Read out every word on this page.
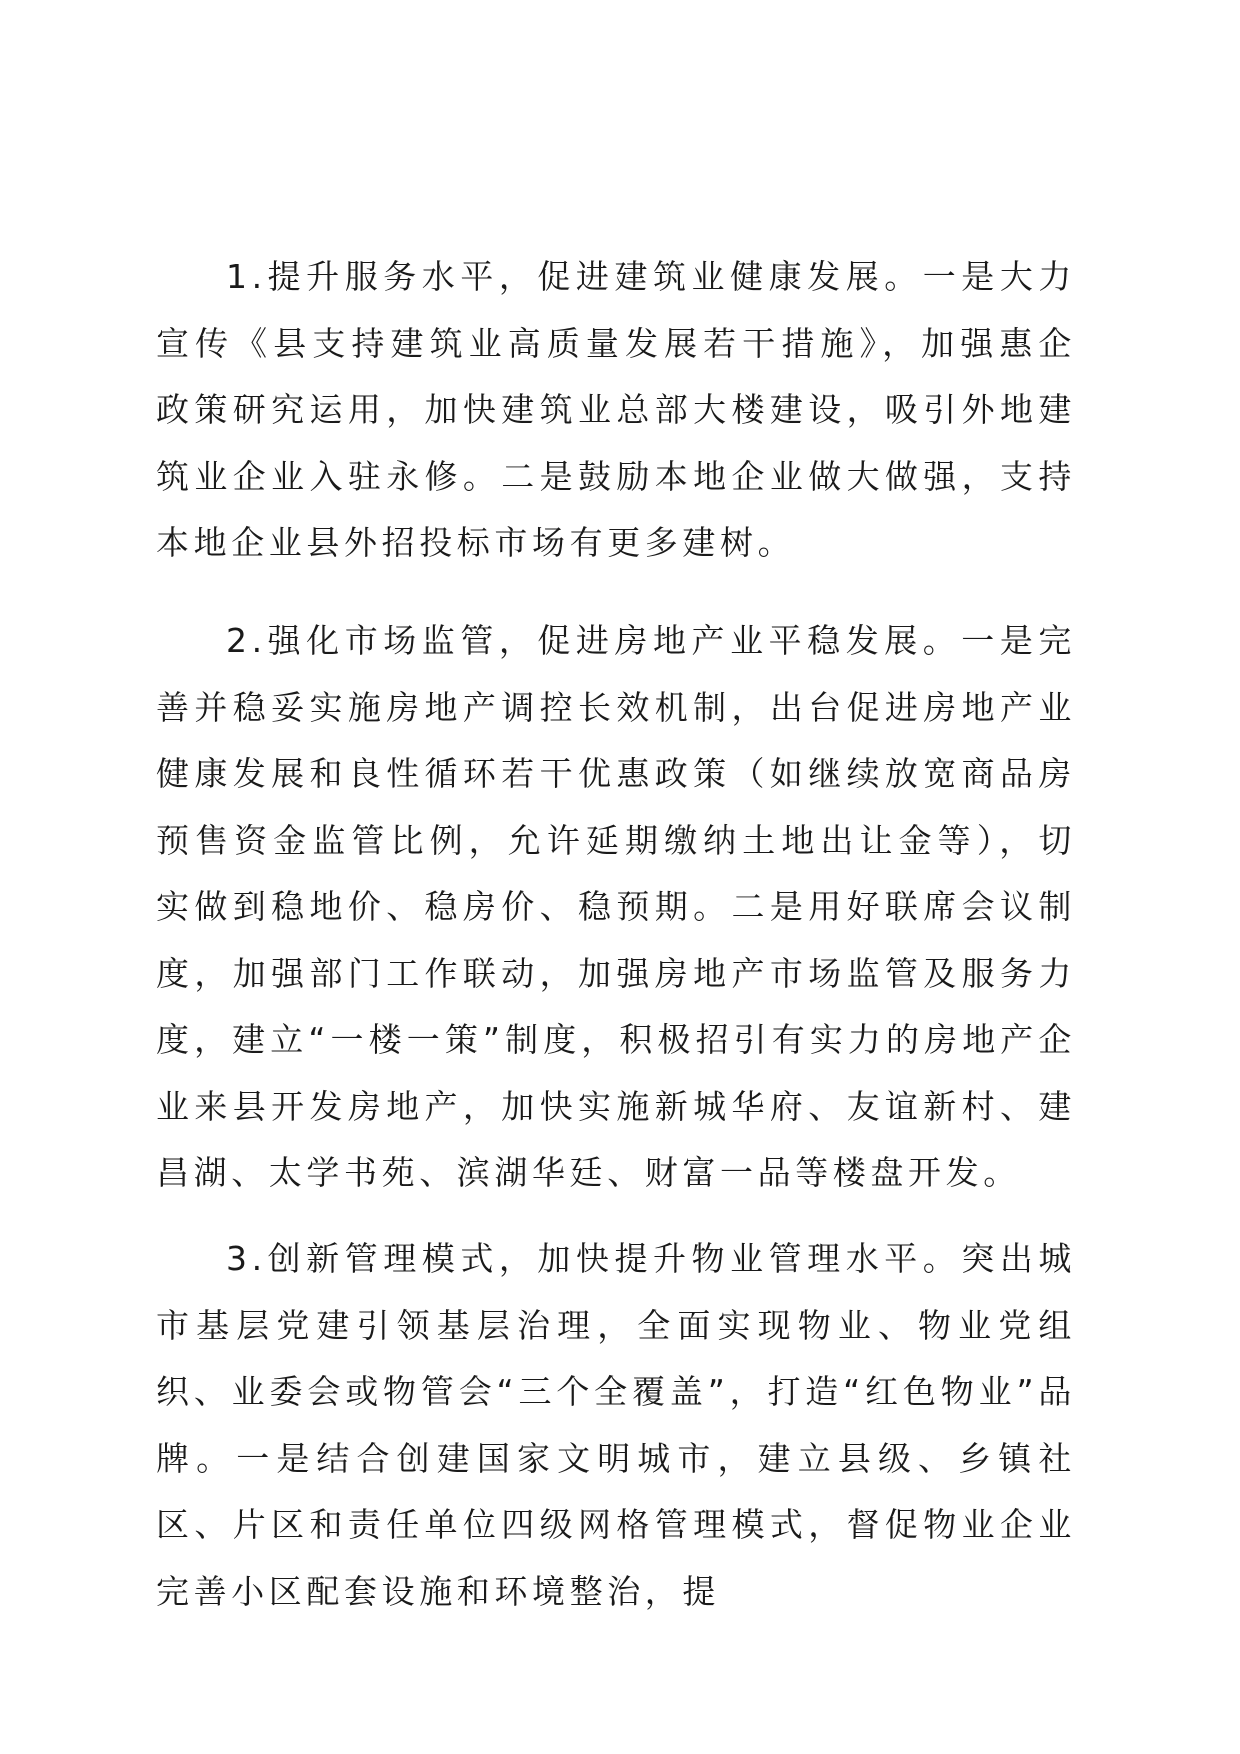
1.提升服务水平，促进建筑业健康发展。一是大力宣传《县支持建筑业高质量发展若干措施》，加强惠企政策研究运用，加快建筑业总部大楼建设，吸引外地建筑业企业入驻永修。二是鼓励本地企业做大做强，支持本地企业县外招投标市场有更多建树。

2.强化市场监管，促进房地产业平稳发展。一是完善并稳妥实施房地产调控长效机制，出台促进房地产业健康发展和良性循环若干优惠政策（如继续放宽商品房预售资金监管比例，允许延期缴纳土地出让金等），切实做到稳地价、稳房价、稳预期。二是用好联席会议制度，加强部门工作联动，加强房地产市场监管及服务力度，建立“一楼一策”制度，积极招引有实力的房地产企业来县开发房地产，加快实施新城华府、友谊新村、建昌湖、太学书苑、滨湖华廷、财富一品等楼盘开发。

3.创新管理模式，加快提升物业管理水平。突出城市基层党建引领基层治理，全面实现物业、物业党组织、业委会或物管会“三个全覆盖”，打造“红色物业”品牌。一是结合创建国家文明城市，建立县级、乡镇社区、片区和责任单位四级网格管理模式，督促物业企业完善小区配套设施和环境整治，提
